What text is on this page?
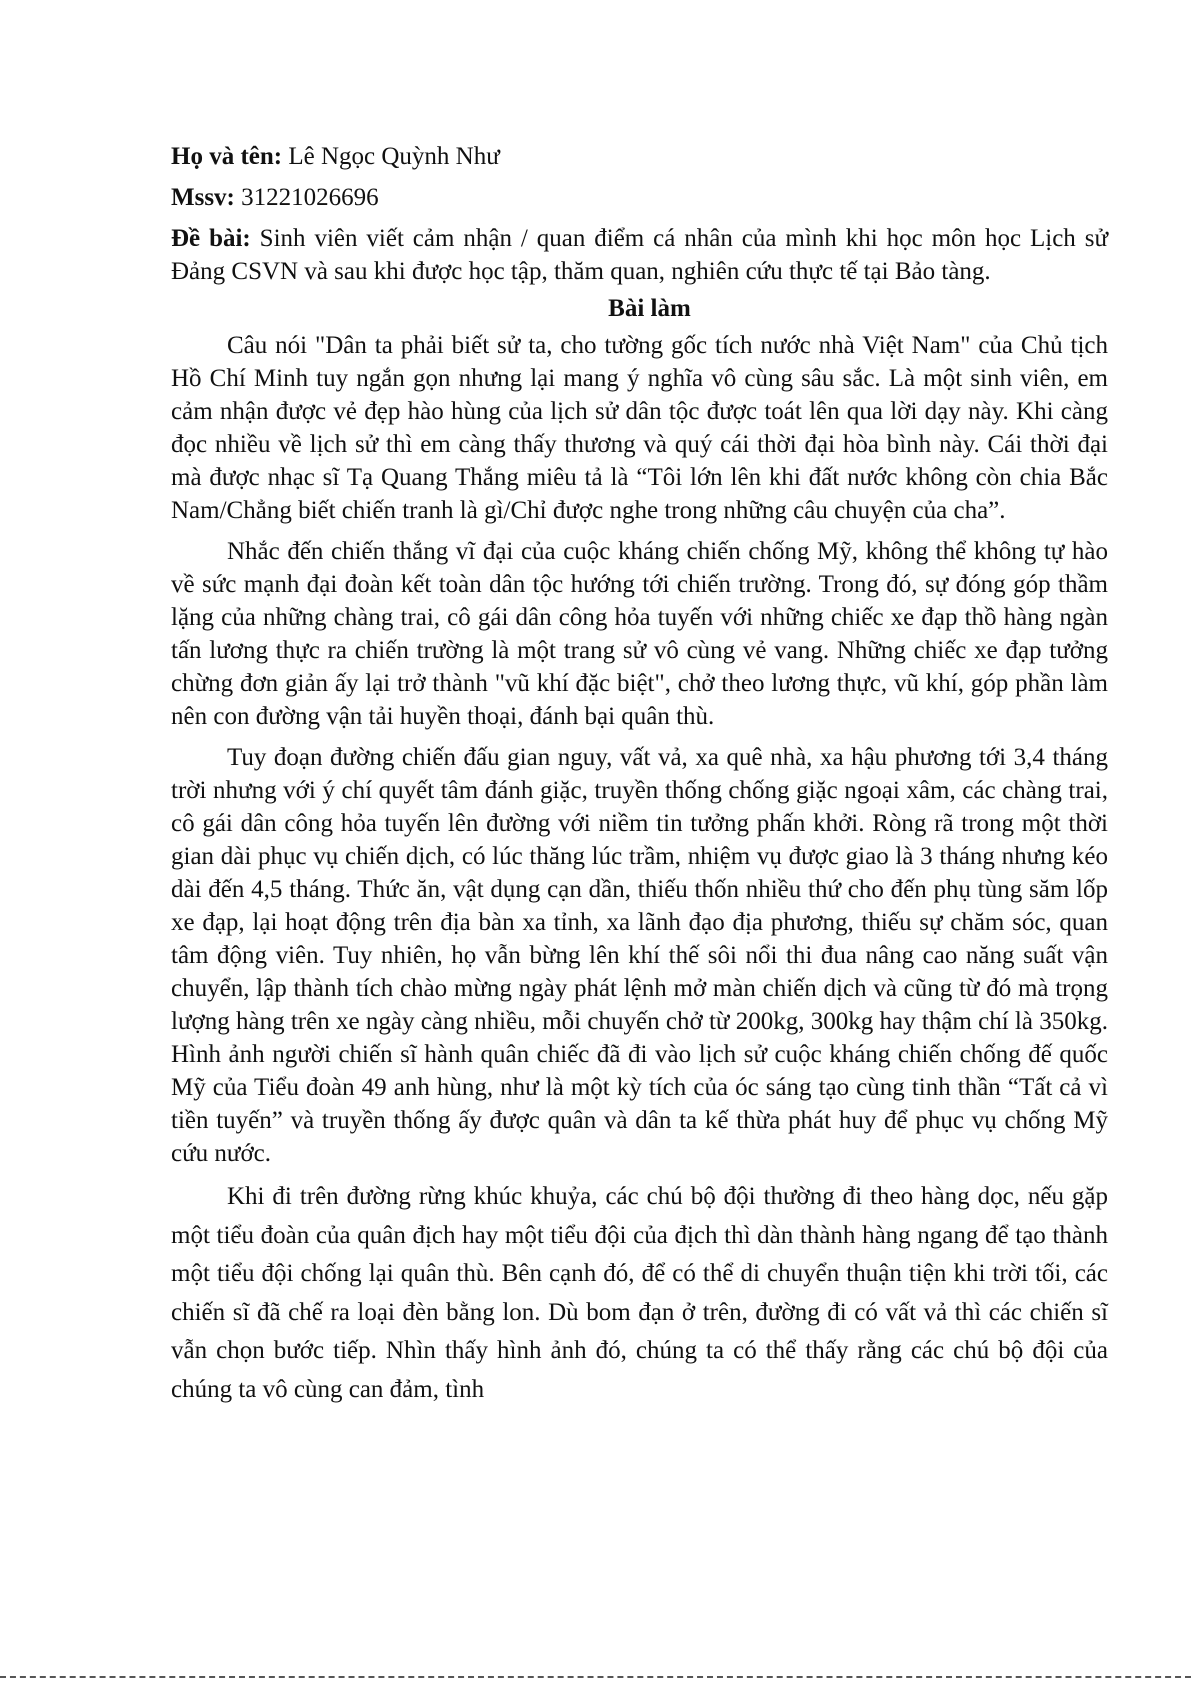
Họ và tên: Lê Ngọc Quỳnh Như
Mssv: 31221026696
Đề bài: Sinh viên viết cảm nhận / quan điểm cá nhân của mình khi học môn học Lịch sử Đảng CSVN và sau khi được học tập, thăm quan, nghiên cứu thực tế tại Bảo tàng.
Bài làm

Câu nói "Dân ta phải biết sử ta, cho tường gốc tích nước nhà Việt Nam" của Chủ tịch Hồ Chí Minh tuy ngắn gọn nhưng lại mang ý nghĩa vô cùng sâu sắc. Là một sinh viên, em cảm nhận được vẻ đẹp hào hùng của lịch sử dân tộc được toát lên qua lời dạy này. Khi càng đọc nhiều về lịch sử thì em càng thấy thương và quý cái thời đại hòa bình này. Cái thời đại mà được nhạc sĩ Tạ Quang Thắng miêu tả là “Tôi lớn lên khi đất nước không còn chia Bắc Nam/Chẳng biết chiến tranh là gì/Chỉ được nghe trong những câu chuyện của cha”.

Nhắc đến chiến thắng vĩ đại của cuộc kháng chiến chống Mỹ, không thể không tự hào về sức mạnh đại đoàn kết toàn dân tộc hướng tới chiến trường. Trong đó, sự đóng góp thầm lặng của những chàng trai, cô gái dân công hỏa tuyến với những chiếc xe đạp thồ hàng ngàn tấn lương thực ra chiến trường là một trang sử vô cùng vẻ vang. Những chiếc xe đạp tưởng chừng đơn giản ấy lại trở thành "vũ khí đặc biệt", chở theo lương thực, vũ khí, góp phần làm nên con đường vận tải huyền thoại, đánh bại quân thù.

Tuy đoạn đường chiến đấu gian nguy, vất vả, xa quê nhà, xa hậu phương tới 3,4 tháng trời nhưng với ý chí quyết tâm đánh giặc, truyền thống chống giặc ngoại xâm, các chàng trai, cô gái dân công hỏa tuyến lên đường với niềm tin tưởng phấn khởi. Ròng rã trong một thời gian dài phục vụ chiến dịch, có lúc thăng lúc trầm, nhiệm vụ được giao là 3 tháng nhưng kéo dài đến 4,5 tháng. Thức ăn, vật dụng cạn dần, thiếu thốn nhiều thứ cho đến phụ tùng săm lốp xe đạp, lại hoạt động trên địa bàn xa tỉnh, xa lãnh đạo địa phương, thiếu sự chăm sóc, quan tâm động viên. Tuy nhiên, họ vẫn bừng lên khí thế sôi nổi thi đua nâng cao năng suất vận chuyển, lập thành tích chào mừng ngày phát lệnh mở màn chiến dịch và cũng từ đó mà trọng lượng hàng trên xe ngày càng nhiều, mỗi chuyến chở từ 200kg, 300kg hay thậm chí là 350kg. Hình ảnh người chiến sĩ hành quân chiếc đã đi vào lịch sử cuộc kháng chiến chống đế quốc Mỹ của Tiểu đoàn 49 anh hùng, như là một kỳ tích của óc sáng tạo cùng tinh thần “Tất cả vì tiền tuyến” và truyền thống ấy được quân và dân ta kế thừa phát huy để phục vụ chống Mỹ cứu nước.

Khi đi trên đường rừng khúc khuỷa, các chú bộ đội thường đi theo hàng dọc, nếu gặp một tiểu đoàn của quân địch hay một tiểu đội của địch thì dàn thành hàng ngang để tạo thành một tiểu đội chống lại quân thù. Bên cạnh đó, để có thể di chuyển thuận tiện khi trời tối, các chiến sĩ đã chế ra loại đèn bằng lon. Dù bom đạn ở trên, đường đi có vất vả thì các chiến sĩ vẫn chọn bước tiếp. Nhìn thấy hình ảnh đó, chúng ta có thể thấy rằng các chú bộ đội của chúng ta vô cùng can đảm, tình
